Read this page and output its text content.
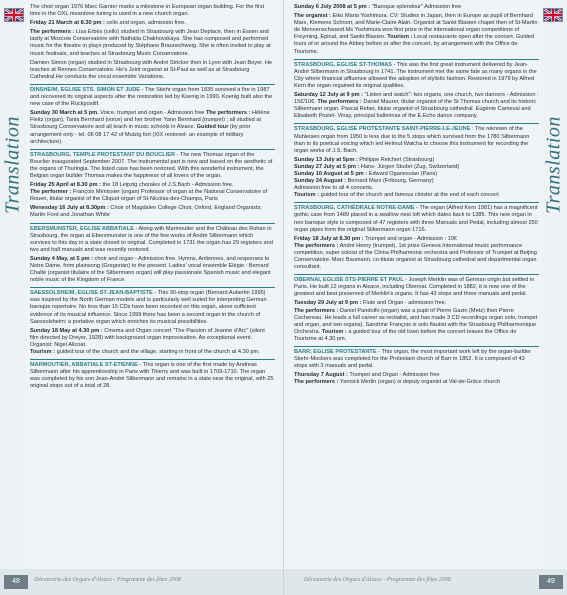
Translation

The choir organ 1976 Marc Garnier marks a milestone in European organ building. For the first time in the OXL meantone tuning is used in a new church organ.

Friday 21 March at 8.30 pm : cello and organ, admission free.

The performers : Lisa Erbès (cello) studied in Strasbourg with Jean Deplace, then in Essen and lastly at Moscow Conservatoire with Nathalia Chakhovskaya. She has composed and performed music for the theatre in plays produced by Stéphane Braunschweig. She is often invited to play at music festivals, and teaches at Strasbourg Music Conservatoire.

Damien Simon (organ) studied in Strasbourg with André Stricker then in Lyon with Jean Boyer. He teaches at Rennes Conservatoire. He's Joint organist at St-Paul as well as at Strasbourg Cathedral.He conducts the vocal ensemble Variations.

DINSHEIM, EGLISE STS. SIMON ET JUDE - The Stiehr organ from 1835 survived a fire in 1987 and recovered its original aspects after the restoration led by Koenig in 1990. Koenig built also the new case of the Rückpositif.

Sunday 30 March at 5 pm. Voice, trumpet and organ - Admission free The performers : Hélène Fleitz (organ), Tania Bernhard (voice) and her brother Yann Bernhard (trumpet) ; all studied at Strasbourg Conservatoire and all teach in music schools in Alsace. Guided tour (by prior arrangement only - tel. 06 08 17 42 of Mutzig fort (XIX restored- an example of military architecture).

STRASBOURG, TEMPLE PROTESTANT DU BOUCLIER - The new Thomas organ of the Bouclier inaugurated September 2007. The instrumental part is new and based on the aesthetic of the organs of Thuringia. The listed case has been restored. With this wonderful instrument, the Belgian organ builder Thomas makes the happiness of all lovers of the organ.

Friday 25 April at 8.30 pm : the 18 Leipzig chorales of J.S.Bach - Admission free.

The performer : François Ménissier (organ) Professor of organ at the National Conservatoire of Rouen, titular organist of the Cliquot organ of St-Nicolas-des-Champs, Paris

Wenesday 16 July at 8.30pm : Choir of Magdalen College Choir, Oxford, England Organists: Martin Ford and Jonathan White

EBERSMUNSTER, EGLISE ABBATIALE - Along with Marmoutier and the Château des Rohan in Strasbourg, the organ at Ebersmunster is one of the few works of André Silbermann which survives to this day in a state closed to original. Completed in 1731 the organ has 29 registers and two and half manuals and was recently restored.

Sunday 4 May, at 5 pm : choir and organ - Admission free. Hymns, Antiennes, and responses to Notre Dame, from plainsong (Gregorian) to the present. Ladies' vocal ensemble Elégie : Bernard Chalté (organist titulaire of the Silbermann organ) will play passionate Spanish music and elegant noble music of the Kingdom of France.

SAESSOLSHEIM, EGLISE ST-JEAN-BAPTISTE - This 30-stop organ (Bernard Aubertin 1995) was inspired by the North German models and is particularly well suited for interpreting German baroque repertoire. No less than 15 CDs have been recorded on this organ, alone sufficient evidence of its musical influence. Since 1999 there has been a second organ in the church of Saessolsheim: a portative organ which enriches its musical possibilities.

Sunday 18 May at 4.30 pm : Cinema and Organ concert "The Passion of Jeanne d'Arc" (silent film directed by Dreyer, 1928) with background organ improvisation. An exceptional event. Organist: Nigel Allcoat.

Tourism : guided tour of the church and the village, starting in front of the church at 4.30 pm.

MARMOUTIER, ABBATIALE ST-ETIENNE - This organ is one of the first made by Andreas Silbermann after his apprenticeship in Paris with Thierry and was built in 1709-1710. The organ was completed by his son Jean-André Silbermann and remains in a state near the original, with 25 original stops out of a total of 28.

48	Découverte des Orgues d'Alsace - Programme des fêtes 2008
Translation

Sunday 6 July 2008 at 5 pm : "Baroque splendour" Admission free

The organist : Eiko Maria Yoshimura. CV: Studies in Japan, then in Europe as pupil of Bernhard Marx, Klemens Schnorr, and Marie-Claire Alain. Organist at Sankt Blasien chapel then of St-Martin de Mennenschwand.Ms Yoshimura won first prize in the international organ competitions of Freyming, Eplnal, and Sankt Blasien. Tourism : Local restaurants open after the concert. Guided tours of or around the Abbey before or after the concert, by arrangement with the Office de Tourisme.

STRASBOURG, EGLISE ST-THOMAS - This was the first great instrument delivered by Jean-André Silbermann in Strasbourg in 1741. The instrument met the same fate as many organs in the City where financial affluence allowed the adoption of stylistic fashion. Restored in 1979 by Alfred Kern the organ regained its original qualities.

Saturday 12 July at 9 pm : "Listen and watch": two organs, one church, two dancers - Admission : 15€/10€. The performers : Daniel Maurer, titular organist of the St Thomas church and its historic Silbermann organ. Pascal Reber, titular organist of Strasbourg cathedral. Eugénie Cameval and Elisabeth Postel- Vinay, principal ballerinas of the E.Echo dance company.

STRASBOURG, EGLISE PROTESTANTE SAINT-PIERRE-LE-JEUNE : The reknown of the Muhleisen organ from 1950 is less due to the 5 stops which survived from the 1780 Silbermann than to its poetical voicing which led Helmut Walcha to choose this instrument for recording the organ works of J.S. Bach.

Sunday 13 July at 5pm : Philippe Reichert (Strasbourg)

Sunday 27 July at 5 pm : Hans- Jürgen Studer (Zug, Switzerland)

Sunday 10 August at 5 pm : Edward Oganessian (Paris)

Sunday 24 August : Bernard Marx (Fribourg, Germany)

Admission free to all 4 concerts.

Tourism : guided tour of the church and famous cloister at the end of each concert

STRASBOURG, CATHÉDRALE NOTRE-DAME - The organ (Alfred Kern 1981) has a magnificent gothic case from 1489 placed in a swallow nest loft which dates back to 1385. This new organ in neo baroque style is composed of 47 registers with three Manuals and Pedal, including almost 250 organ pipes from the original Silbermann organ 1716.

Friday 18 July at 8.30 pm : Trumpet and organ - Admission : 10€

The performers : André Henry (trumpet), 1st prize Geneva International music performance competition, super soloist of the China Philharmonic orchestra and Professor of Trumpet at Beijing Conservatoire. Marc Baumann, co-titular organist at Strasbourg cathedral and departmental organ consultant.

OBERNAI, EGLISE STS-PIERRE ET PAUL - Joseph Merklin was of German origin but settled in Paris. He built 12 organs in Alsace, including Obernai. Completed in 1882, it is now one of the greatest and best preserved of Merklin's organs. It has 43 stops and three manuals and pedal.

Tuesday 29 July at 9 pm : Flute and Organ - admission free.

The performers : Daniel Pandolfo (organ) was a pupil of Pierre Gazin (Metz) then Pierre Cochereau. He leads a full career as recitalist, and has made 3 CD recordings organ solo, trumpet and organ, and two organs). Sandrine François is solo flautist with the Strasbourg Philharmonique Orchestra. Tourism : a guided tour of the old town before the concert leaves the Office de Tourisme at 4.30 pm.

BARR, EGLISE PROTESTANTE - This organ, the most important work left by the organ-builder Stiehr-Mockers was completed for the Protestant church of Barr in 1852. It is composed of 43 stops with 3 manuals and pedal.

Thursday 7 August : Trumpet and Organ - Admission free

The performers : Yannick Merlin (organ) is deputy organist at Val-de-Grâce church

Découverte des Orgues d'Alsace - Programme des fêtes 2008	49
